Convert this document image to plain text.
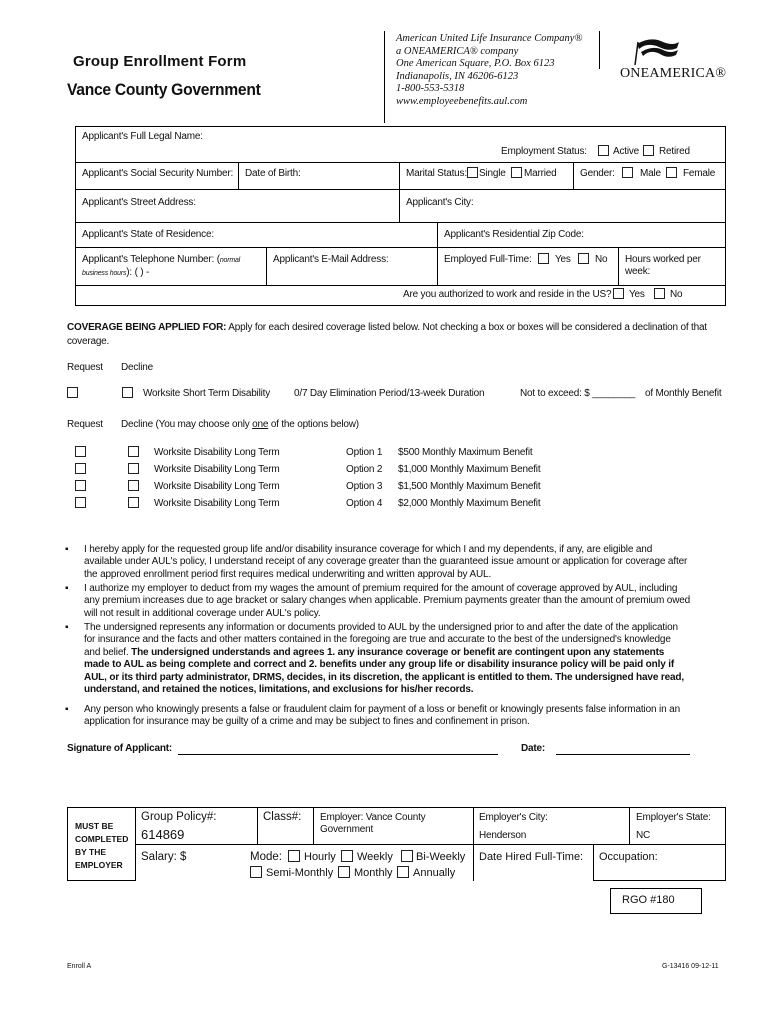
Group Enrollment Form
Vance County Government
American United Life Insurance Company®
a ONEAMERICA® company
One American Square, P.O. Box 6123
Indianapolis, IN 46206-6123
1-800-553-5318
www.employeebenefits.aul.com
ONEAMERICA®
Applicant's Full Legal Name:
Employment Status:	Active Retired
Applicant's Social Security Number: Date of Birth:	Marital Status: Single Married Gender:	Male Female
Applicant's Street Address:	Applicant's City:
Applicant's State of Residence:	Applicant's Residential Zip Code:
Applicant's Telephone Number: (normal
business hours): ( ) -
Applicant's E-Mail Address:	Employed Full-Time: Yes No Hours worked per
week:
Are you authorized to work and reside in the US? Yes	No
COVERAGE BEING APPLIED FOR: Apply for each desired coverage listed below. Not checking a box or boxes will be considered a declination of that
coverage.
Request Decline
Worksite Short Term Disability 0/7 Day Elimination Period/13-week Duration	Not to exceed: $ ________ of Monthly Benefit
Request Decline (You may choose only one of the options below)
Worksite Disability Long Term	Option 1 $500 Monthly Maximum Benefit
Worksite Disability Long Term	Option 2 $1,000 Monthly Maximum Benefit
Worksite Disability Long Term	Option 3 $1,500 Monthly Maximum Benefit
Worksite Disability Long Term	Option 4 $2,000 Monthly Maximum Benefit
▪ I hereby apply for the requested group life and/or disability insurance coverage for which I and my dependents, if any, are eligible and
available under AUL's policy, I understand receipt of any coverage greater than the guaranteed issue amount or application for coverage after
the approved enrollment period first requires medical underwriting and written approval by AUL.
▪ I authorize my employer to deduct from my wages the amount of premium required for the amount of coverage approved by AUL, including
any premium increases due to age bracket or salary changes when applicable. Premium payments greater than the amount of premium owed
will not result in additional coverage under AUL's policy.
▪ The undersigned represents any information or documents provided to AUL by the undersigned prior to and after the date of the application
for insurance and the facts and other matters contained in the foregoing are true and accurate to the best of the undersigned's knowledge
and belief. The undersigned understands and agrees 1. any insurance coverage or benefit are contingent upon any statements
made to AUL as being complete and correct and 2. benefits under any group life or disability insurance policy will be paid only if
AUL, or its third party administrator, DRMS, decides, in its discretion, the applicant is entitled to them. The undersigned have read,
understand, and retained the notices, limitations, and exclusions for his/her records.
▪ Any person who knowingly presents a false or fraudulent claim for payment of a loss or benefit or knowingly presents false information in an
application for insurance may be guilty of a crime and may be subject to fines and confinement in prison.
Signature of Applicant:	Date:
MUST BE
COMPLETED
BY THE
EMPLOYER
Group Policy#:
614869
Class#: Employer: Vance County
Government
Employer's City:
Henderson
Employer's State:
NC
Salary: $	Mode: Hourly Weekly Bi-Weekly
Semi-Monthly Monthly Annually
Date Hired Full-Time: Occupation:
RGO #180
Enroll A	G-13416 09-12-11
